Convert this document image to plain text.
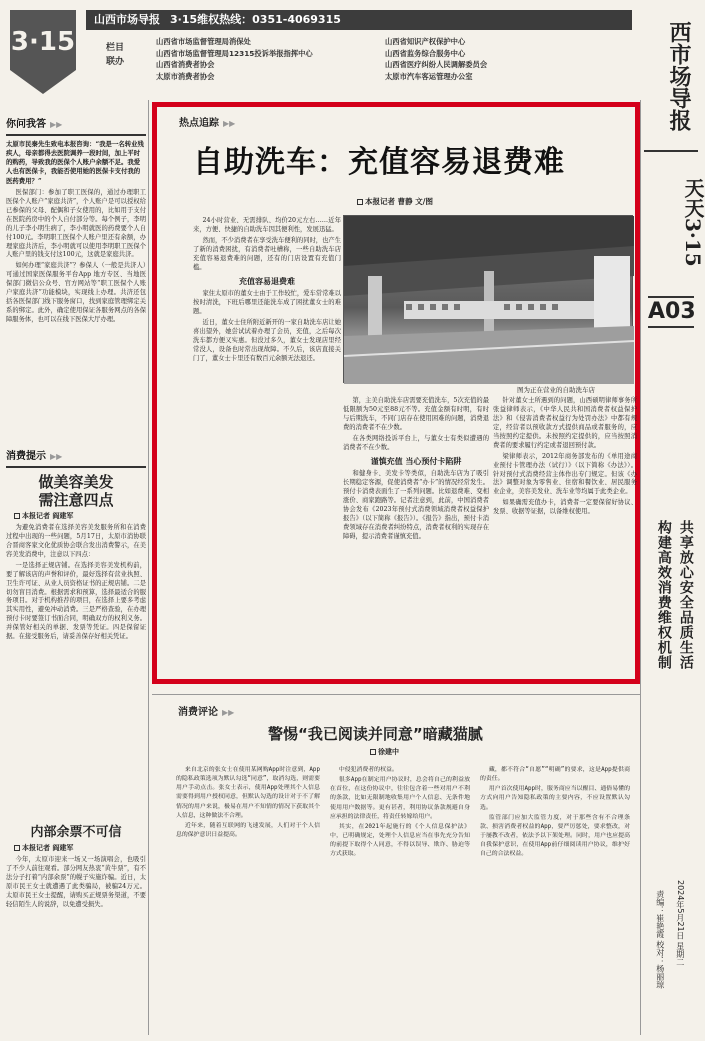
3·15
山西市场导报 3·15维权热线：0351-4069315
栏目联办
山西省市场监督管理局消保处
山西省市场监督管理局12315投诉举报指挥中心
山西省消费者协会
太原市消费者协会
山西省知识产权保护中心
山西省监务综合服务中心
山西省医疗纠纷人民调解委员会
太原市汽车客运管理办公室	西市场导报
天天3·15
A03
共享放心安全品质生活
构建高效消费维权机制
2024年5月21日 星期二
责编：崔艳霞 校对：杨丽琼
你问我答 ▶▶
太原市民秦先生致电本报咨询：“我是一名转业残疾人，母亲都得去医院调养一段时间，加上平时的购药，导致我的医保个人账户余额不足。我爱人也有医保卡，我能否使用她的医保卡支付我的医药费用？”

医保部门：参加了职工医保的，通过办理职工医保个人账户“家庭共济”，个人账户是可以授权给已参保的父母、配偶和子女使用的，比如用于支付在医院药房中的个人自付部分等。每个例子，李明的儿子李小明生病了，李小明就医的药费要个人自付100元。李明职工医保个人账户里还有余额，办理家庭共济后，李小明就可以使用李明职工医保个人账户里的钱支付这100元，这就是家庭共济。

如何办理“家庭共济”？参保人（一般是共济人）可通过国家医保服务平台App 地方专区、当地医保部门微信公众号、官方网站等“职工医保个人账户家庭共济”功能模块，实现线上办理。共济还包括各医保部门线下服务窗口，找到家庭管理绑定关系的绑定。此外，确定使用保证各服务网点的各保障服务体，也可以在线下医保大厅办理。

消费提示 ▶▶
做美容美发
需注意四点
本报记者 阎建军

为避免消费者在选择美容美发服务所和在消费过程中出现的一些问题，5月17日，太原市消协联合晋商客家文化优质协会联合发出消费警示，在美容美发消费中，注意以下四点：

一是选择正规店铺。在选择美容美发机构前，要了解该店的声誉和评价，最好选择有营业执照、卫生许可证、从业人员资格证书的正规店铺。二是切勿盲目消费。根据需求和预算，选择最适合的服务项目。对于机构推荐的项目，在选择上要多考虑其实用性，避免冲动消费。三是严格查验，在办理预付卡时要签订书面合同，明确双方的权利义务。并保管好相关的单据、发票等凭证。四是保留证据。在接受服务后，请妥善保存好相关凭证。

内部余票不可信
本报记者 阎建军

今年，太原市迎来一场又一场演唱会，也吸引了不少人前往观看。部分网友热衷“黄牛票”，有不法分子打着“内部余票”的幌子实施诈骗。近日，太原市民王女士就遭遇了此类骗局，被骗24万元。太原市民王女士提醒，请购买正规票务渠道，不要轻信陌生人的说辞，以免遭受损失。

热点追踪 ▶▶
自助洗车：充值容易退费难
本报记者 曹静 文/图

24小时营业、无需排队、均价20元左右……近年来，方便、快捷的自助洗车因其便利性，发展迅猛。

然而，不少消费者在享受洗车便利的同时，也产生了新的消费困扰，有消费者吐槽称，一些自助洗车店充值容易退费难的问题，还有的门店设置有充值门槛。

充值容易退费难

家住太原市的董女士由于工作较忙，爱车常常难以按时清洗，下班后哪里还能洗车成了困扰董女士的难题。

近日，董女士住所附近新开的一家自助洗车店让她喜出望外，她尝试试着办理了会员，充值，之后每次洗车都方便又实惠。但没过多久，董女士发现店里经常没人，设备也时常出现故障。不久后，该店直接关门了，董女士卡里还有数百元余额无法退还。

图为正在营业的自助洗车店

第，主美自助洗车店需要充值洗车，5次充值的最低限额为50元至88元不等。充值金额有时明，有时与后期洗车，不同门店存在使用困难的问题，消费退费的消费者不在少数。

在各类网络投诉平台上，与董女士有类似遭遇的消费者不在少数。

谨慎充值 当心预付卡陷阱

和健身卡、美发卡等类似，自助洗车店为了吸引长期稳定客源，促使消费者“办卡”的情况经常发生。预付卡消费表面生了一系列问题。比如退费难、变相涨价、商家跑路等。记者注意到，此前，中国消费者协会发布《2023年预付式消费领域消费者权益保护报告》（以下简称《报告》）。《报告》指出，预付卡消费领域存在消费者纠纷特点，消费者权利的实现存在障碍，提示消费者谨慎充值。

针对董女士所遇到的问题，山西硕明律师事务所张益律师表示，《中华人民共和国消费者权益保护法》和《侵害消费者权益行为处罚办法》中都有规定，经营者以预收款方式提供商品或者服务的，应当按照约定提供。未按照约定提供的，应当按照消费者的要求履行约定或者退回预付款。

梁律师表示，2012年商务部发布的《单用途商业预付卡管理办法（试行）》（以下简称《办法》）。针对预付式消费经营主体作出专门规定。但该《办法》调整对象为零售业、住宿和餐饮业、居民服务业企业，美容美发业、洗车业等均属于此类企业。

如果确需充值办卡，消费者一定要保留好协议、发票、收据等证据，以备维权使用。

消费评论 ▶▶
警惕“我已阅读并同意”暗藏猫腻
徐建中

来自北京的张女士在使用某网购App时注意到，App的隐私政策选项为默认勾选“同意”，取消勾选，则需要用户手动点击。张女士表示，使用App处理其个人信息需要得到用户授权同意，但默认勾选的设计对于不了解情况的用户来说，极易在用户不知情的情况下获取其个人信息，这种做法不合理。

近年来，随着互联网的飞速发展，人们对于个人信息的保护意识日益提高。

中侵犯消费者的权益。

很多App在制定用户协议时，总会将自己的利益放在首位，在这份协议中，往往包含着一些对用户不利的条款，比如无限制地收集用户个人信息、无条件地使用用户数据等。更有甚者，利用协议条款规避自身应承担的法律责任，将责任转嫁给用户。

其实，在2021年起施行的《个人信息保护法》中，已明确规定，处理个人信息应当在事先充分告知的前提下取得个人同意，不得以误导、欺诈、胁迫等方式获取。

藏，都不符合“自愿”“明确”的要求，这是App提供商的责任。

用户首次使用App时，服务商应当以醒目、通俗易懂的方式向用户告知隐私政策的主要内容，不应设置默认勾选。

监管部门应加大监管力度，对于那些含有不合理条款、损害消费者权益的App，要严厉惩处，要求整改，对于屡教不改者，依法予以下架处理。同时，用户也应提高自我保护意识，在使用App前仔细阅读用户协议，维护好自己的合法权益。
